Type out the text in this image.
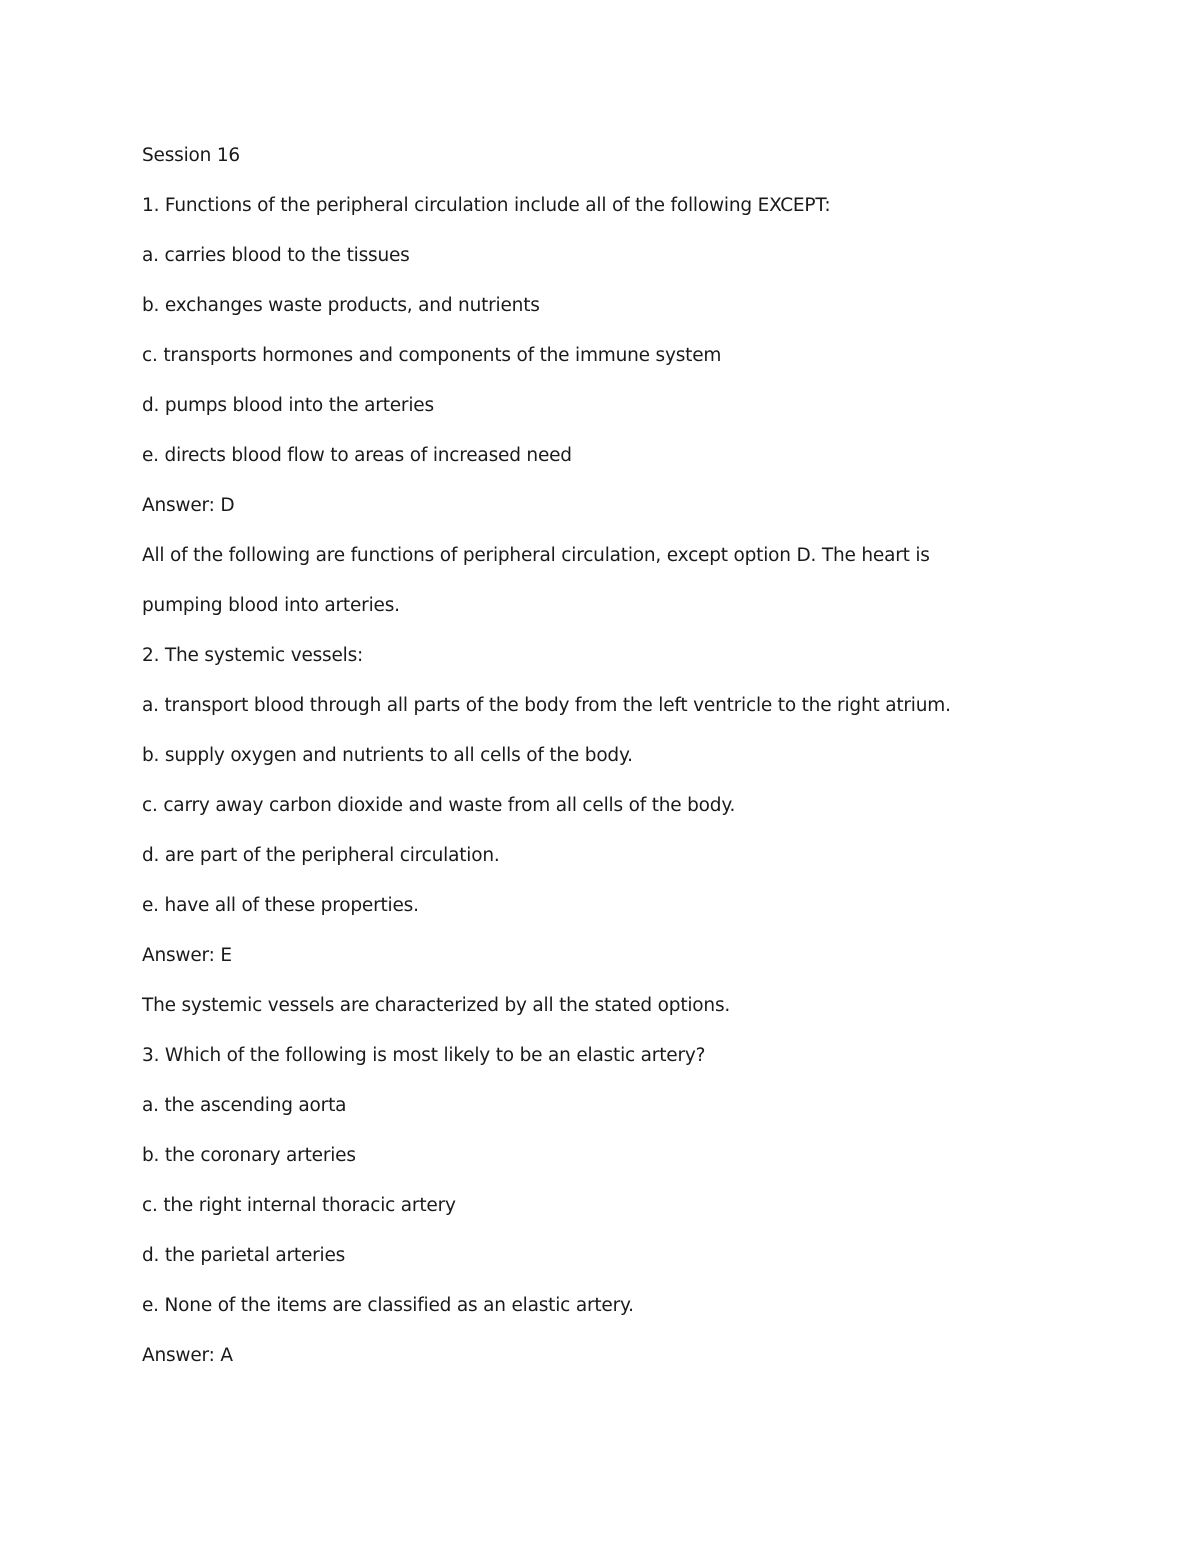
Session 16
1. Functions of the peripheral circulation include all of the following EXCEPT:
a. carries blood to the tissues
b. exchanges waste products, and nutrients
c. transports hormones and components of the immune system
d. pumps blood into the arteries
e. directs blood flow to areas of increased need
Answer: D
All of the following are functions of peripheral circulation, except option D. The heart is
pumping blood into arteries.
2. The systemic vessels:
a. transport blood through all parts of the body from the left ventricle to the right atrium.
b. supply oxygen and nutrients to all cells of the body.
c. carry away carbon dioxide and waste from all cells of the body.
d. are part of the peripheral circulation.
e. have all of these properties.
Answer: E
The systemic vessels are characterized by all the stated options.
3. Which of the following is most likely to be an elastic artery?
a. the ascending aorta
b. the coronary arteries
c. the right internal thoracic artery
d. the parietal arteries
e. None of the items are classified as an elastic artery.
Answer: A
